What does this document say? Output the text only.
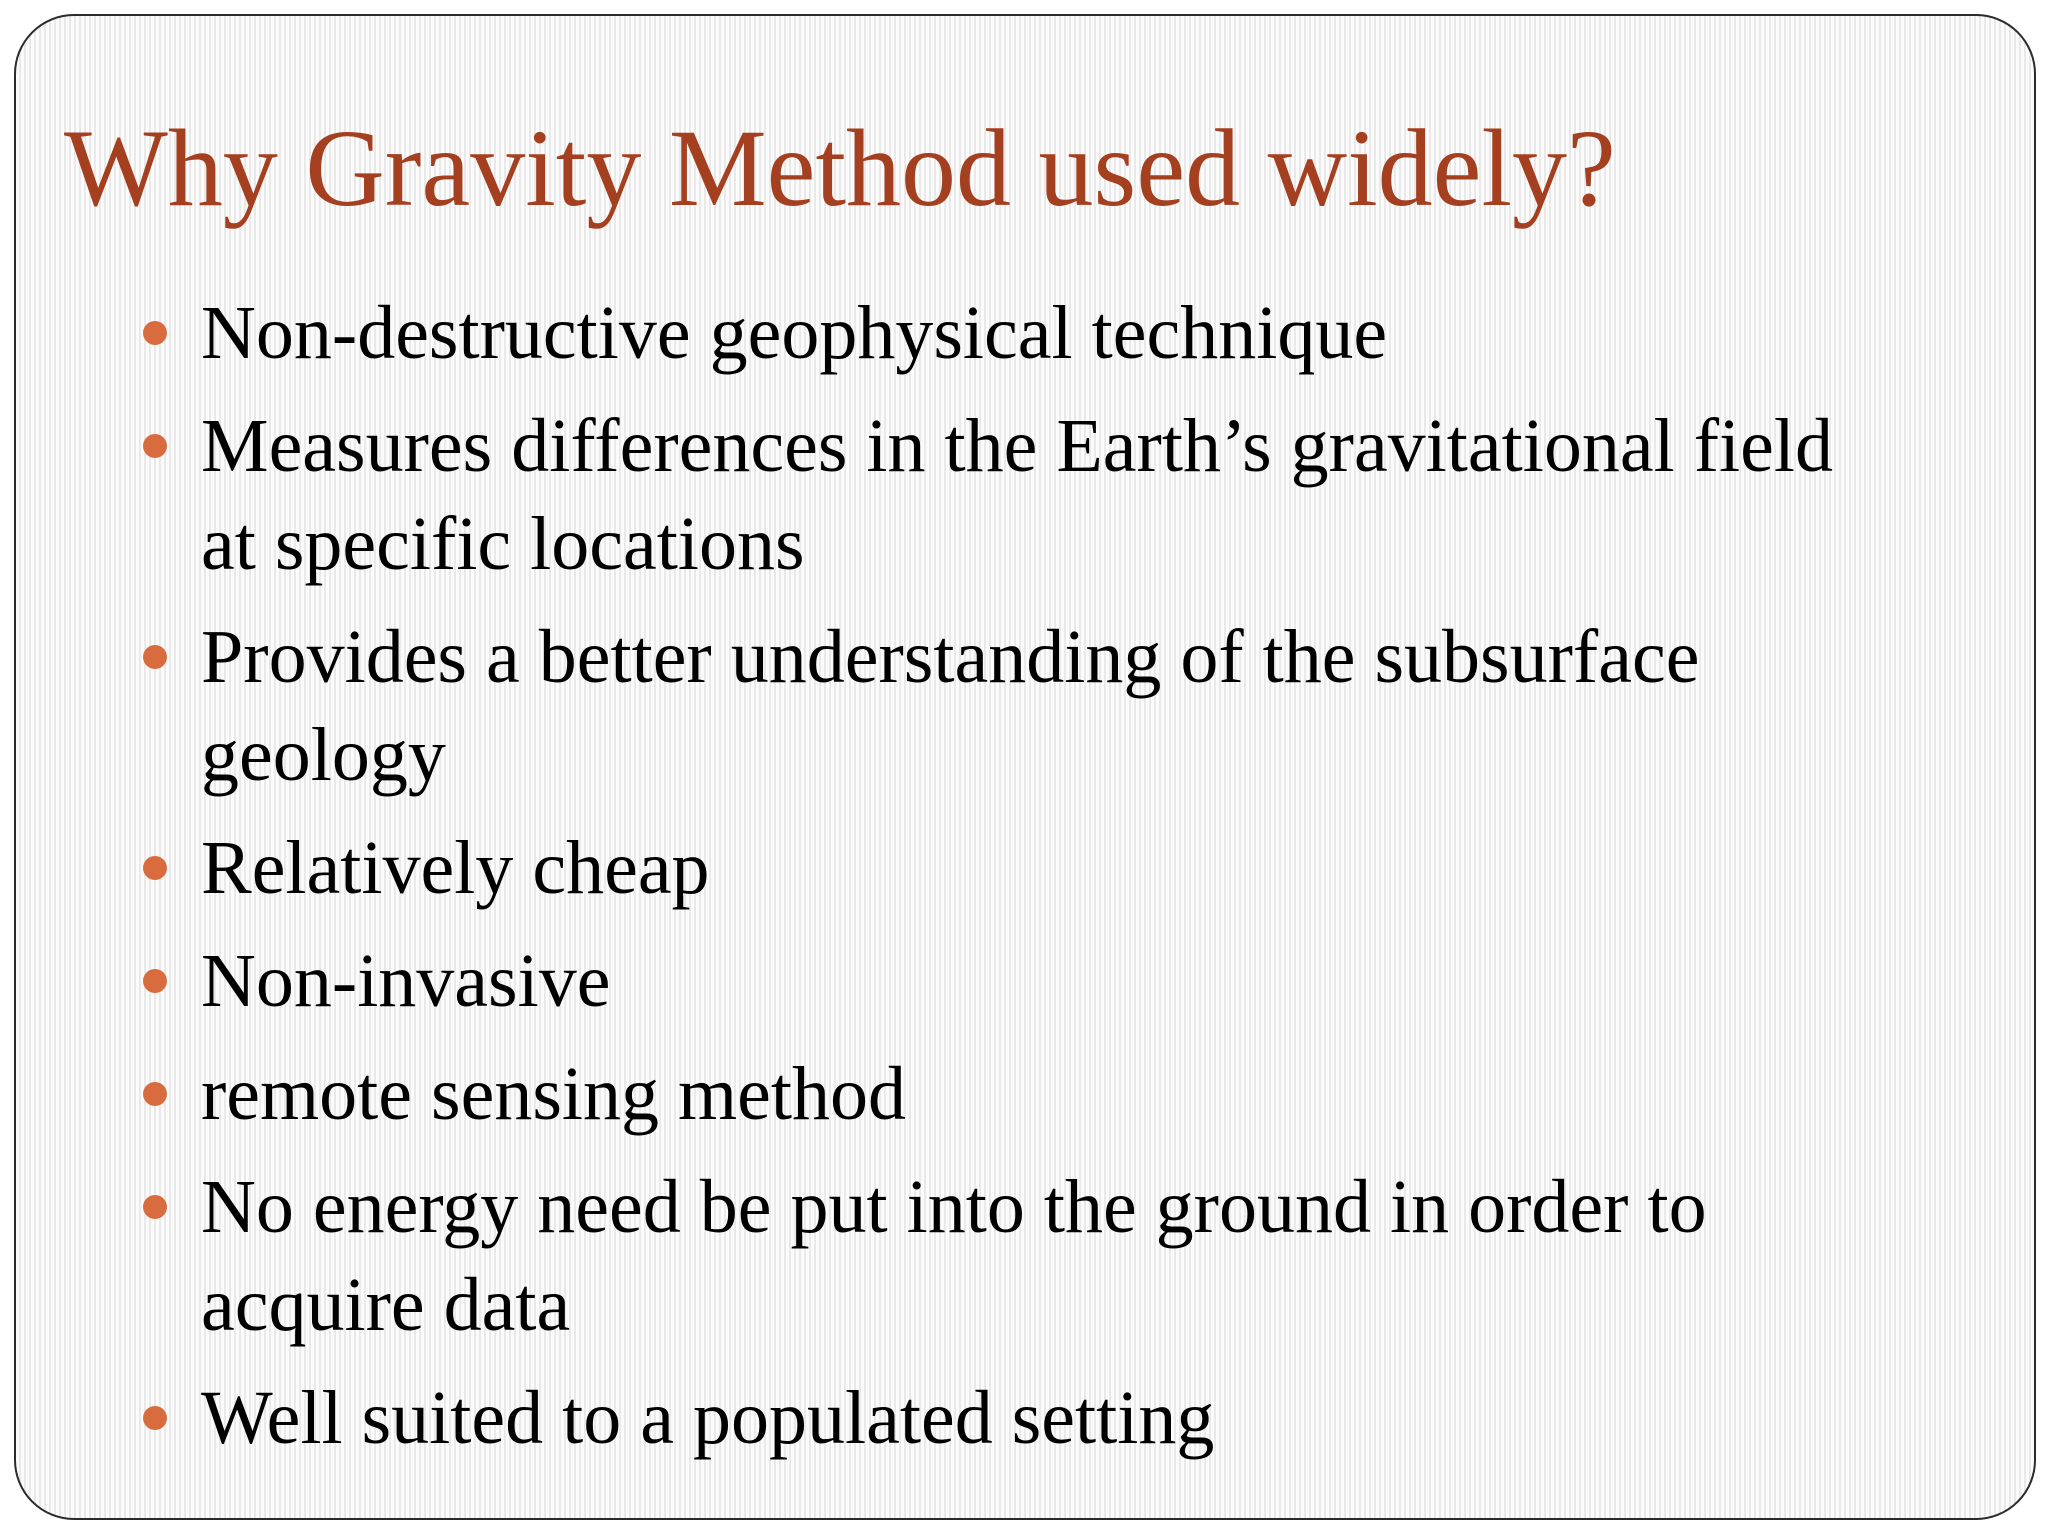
Why Gravity Method used widely?
Non-destructive geophysical technique
Measures differences in the Earth’s gravitational field at specific locations
Provides a better understanding of the subsurface geology
Relatively cheap
Non-invasive
remote sensing method
No energy need be put into the ground in order to acquire data
Well suited to a populated setting
